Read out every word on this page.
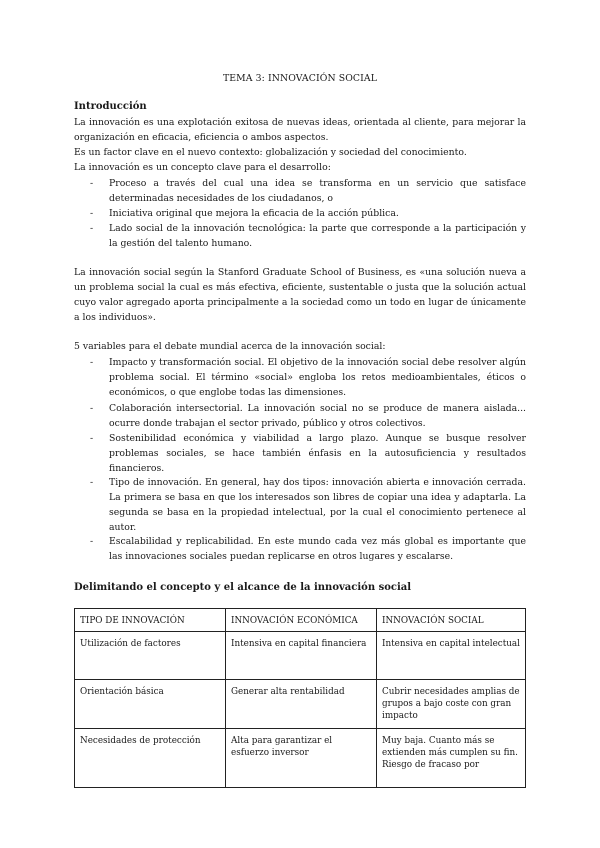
TEMA 3: INNOVACIÓN SOCIAL
Introducción
La innovación es una explotación exitosa de nuevas ideas, orientada al cliente, para mejorar la organización en eficacia, eficiencia o ambos aspectos.
Es un factor clave en el nuevo contexto: globalización y sociedad del conocimiento.
La innovación es un concepto clave para el desarrollo:
-	Proceso a través del cual una idea se transforma en un servicio que satisface determinadas necesidades de los ciudadanos, o
-	Iniciativa original que mejora la eficacia de la acción pública.
-	Lado social de la innovación tecnológica: la parte que corresponde a la participación y la gestión del talento humano.
La innovación social según la Stanford Graduate School of Business, es «una solución nueva a un problema social la cual es más efectiva, eficiente, sustentable o justa que la solución actual cuyo valor agregado aporta principalmente a la sociedad como un todo en lugar de únicamente a los individuos».
5 variables para el debate mundial acerca de la innovación social:
-	Impacto y transformación social. El objetivo de la innovación social debe resolver algún problema social. El término «social» engloba los retos medioambientales, éticos o económicos, o que englobe todas las dimensiones.
-	Colaboración intersectorial. La innovación social no se produce de manera aislada... ocurre donde trabajan el sector privado, público y otros colectivos.
-	Sostenibilidad económica y viabilidad a largo plazo. Aunque se busque resolver problemas sociales, se hace también énfasis en la autosuficiencia y resultados financieros.
-	Tipo de innovación. En general, hay dos tipos: innovación abierta e innovación cerrada. La primera se basa en que los interesados son libres de copiar una idea y adaptarla. La segunda se basa en la propiedad intelectual, por la cual el conocimiento pertenece al autor.
-	Escalabilidad y replicabilidad. En este mundo cada vez más global es importante que las innovaciones sociales puedan replicarse en otros lugares y escalarse.
Delimitando el concepto y el alcance de la innovación social
TIPO DE INNOVACIÓN	INNOVACIÓN ECONÓMICA	INNOVACIÓN SOCIAL
Utilización de factores	Intensiva en capital financiera	Intensiva en capital intelectual
Orientación básica	Generar alta rentabilidad	Cubrir necesidades amplias de grupos a bajo coste con gran impacto
Necesidades de protección	Alta para garantizar el esfuerzo inversor	Muy baja. Cuanto más se extienden más cumplen su fin. Riesgo de fracaso por
